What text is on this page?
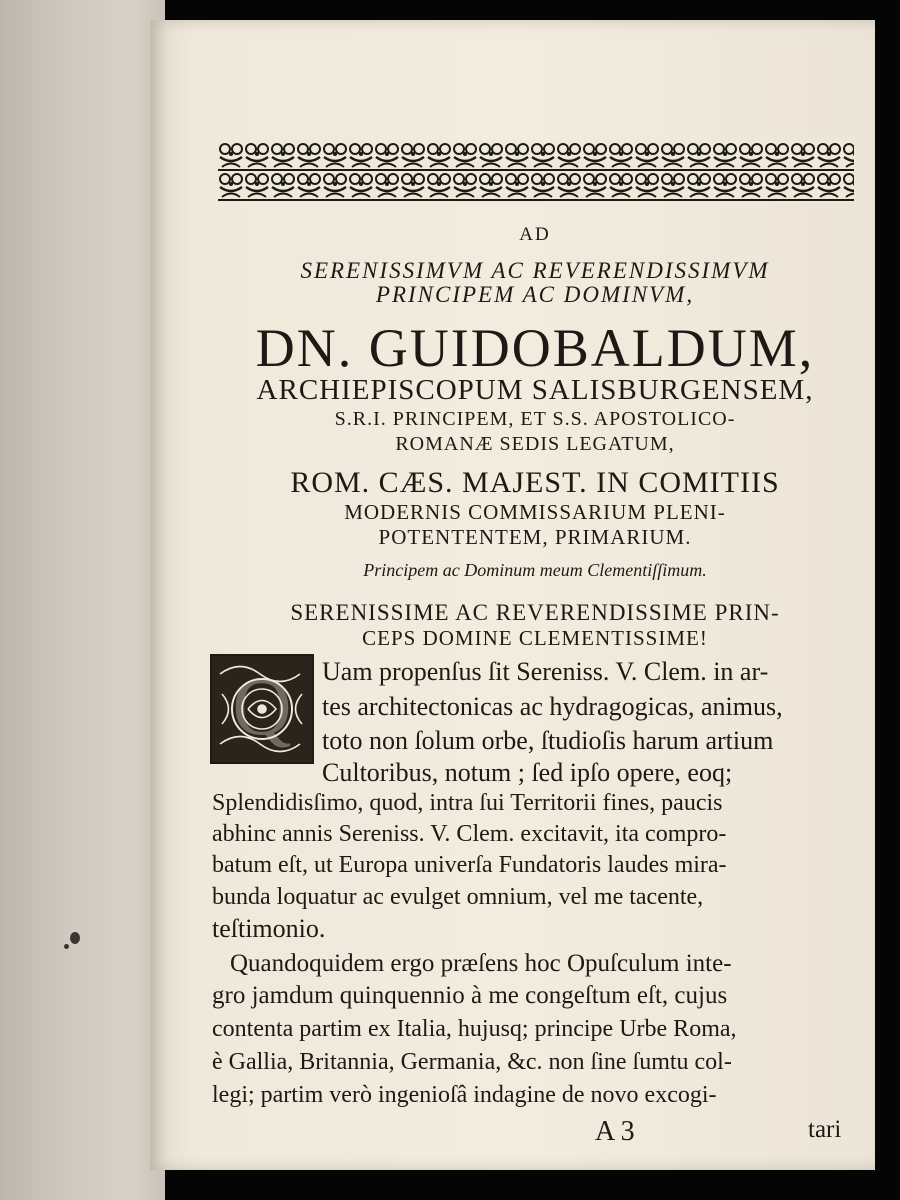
AD
SERENISSIMVM AC REVERENDISSIMVM
PRINCIPEM AC DOMINVM,
DN. GUIDOBALDUM,
ARCHIEPISCOPUM SALISBURGENSEM,
S.R.I. PRINCIPEM, ET S.S. APOSTOLICO-
ROMANÆ SEDIS LEGATUM,
ROM. CÆS. MAJEST. IN COMITIIS
MODERNIS COMMISSARIUM PLENI-
POTENTENTEM, PRIMARIUM.
Principem ac Dominum meum Clementiſſimum.
SERENISSIME AC REVERENDISSIME PRIN-
CEPS DOMINE CLEMENTISSIME!
Q Uam propenſus ſit Sereniss. V. Clem. in ar-
tes architectonicas ac hydragogicas, animus,
toto non ſolum orbe, ſtudioſis harum artium
Cultoribus, notum ; ſed ipſo opere, eoq;
Splendidisſimo, quod, intra ſui Territorii fines, paucis
abhinc annis Sereniss. V. Clem. excitavit, ita compro-
batum eſt, ut Europa univerſa Fundatoris laudes mira-
bunda loquatur ac evulget omnium, vel me tacente,
teſtimonio.
Quandoquidem ergo præſens hoc Opuſculum inte-
gro jamdum quinquennio à me congeſtum eſt, cujus
contenta partim ex Italia, hujusq; principe Urbe Roma,
è Gallia, Britannia, Germania, &c. non ſine ſumtu col-
legi; partim verò ingenioſâ indagine de novo excogi-
A 3	tari
